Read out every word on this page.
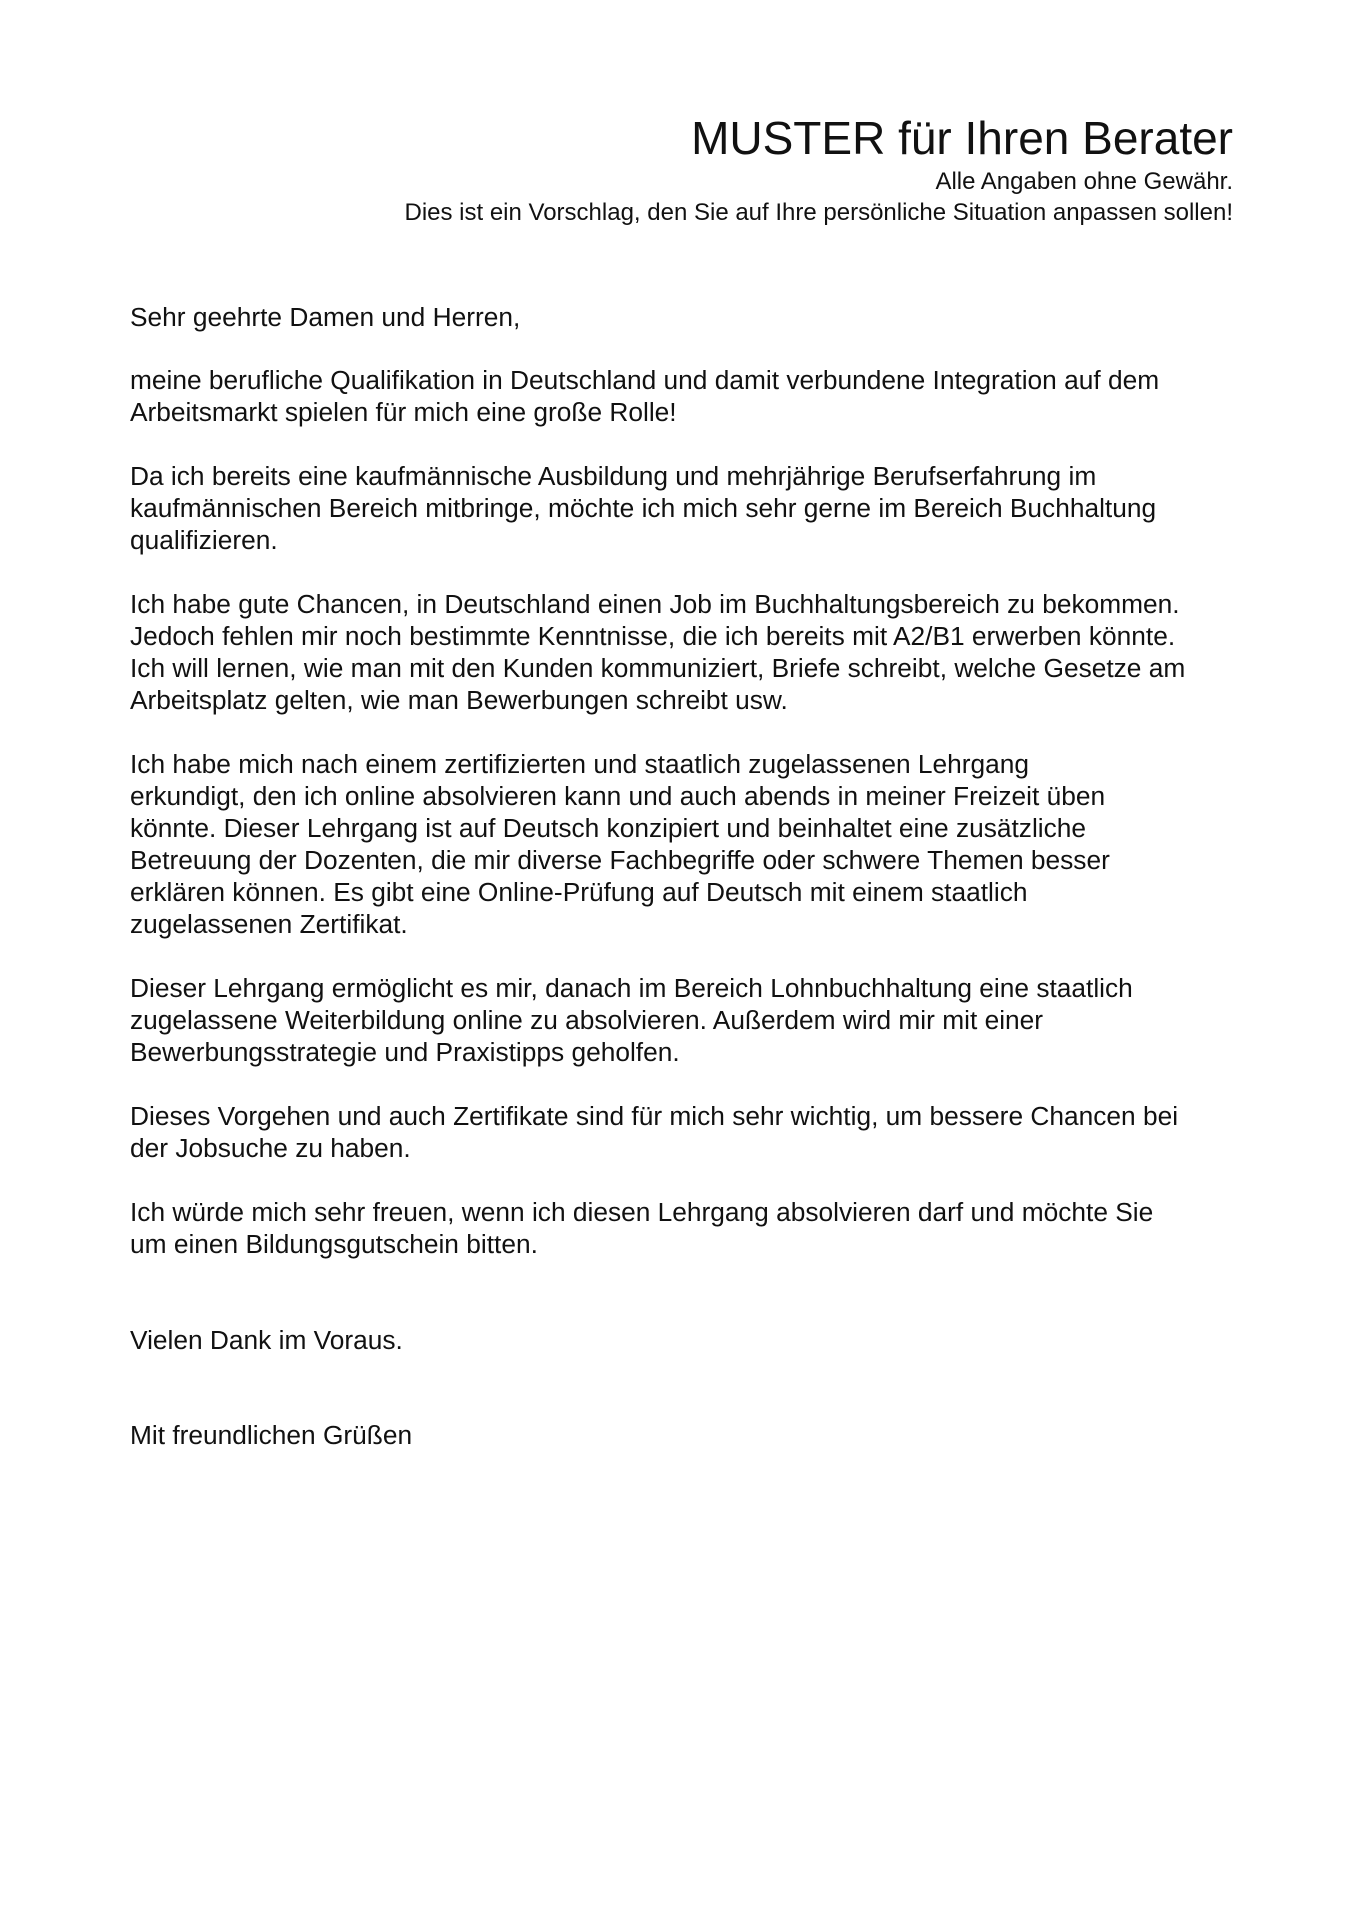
MUSTER für Ihren Berater

Alle Angaben ohne Gewähr.

Dies ist ein Vorschlag, den Sie auf Ihre persönliche Situation anpassen sollen!

Sehr geehrte Damen und Herren,

meine berufliche Qualifikation in Deutschland und damit verbundene Integration auf dem
Arbeitsmarkt spielen für mich eine große Rolle!

Da ich bereits eine kaufmännische Ausbildung und mehrjährige Berufserfahrung im
kaufmännischen Bereich mitbringe, möchte ich mich sehr gerne im Bereich Buchhaltung
qualifizieren.

Ich habe gute Chancen, in Deutschland einen Job im Buchhaltungsbereich zu bekommen.
Jedoch fehlen mir noch bestimmte Kenntnisse, die ich bereits mit A2/B1 erwerben könnte.
Ich will lernen, wie man mit den Kunden kommuniziert, Briefe schreibt, welche Gesetze am
Arbeitsplatz gelten, wie man Bewerbungen schreibt usw.

Ich habe mich nach einem zertifizierten und staatlich zugelassenen Lehrgang
erkundigt, den ich online absolvieren kann und auch abends in meiner Freizeit üben
könnte. Dieser Lehrgang ist auf Deutsch konzipiert und beinhaltet eine zusätzliche
Betreuung der Dozenten, die mir diverse Fachbegriffe oder schwere Themen besser
erklären können. Es gibt eine Online-Prüfung auf Deutsch mit einem staatlich
zugelassenen Zertifikat.

Dieser Lehrgang ermöglicht es mir, danach im Bereich Lohnbuchhaltung eine staatlich
zugelassene Weiterbildung online zu absolvieren. Außerdem wird mir mit einer
Bewerbungsstrategie und Praxistipps geholfen.

Dieses Vorgehen und auch Zertifikate sind für mich sehr wichtig, um bessere Chancen bei
der Jobsuche zu haben.

Ich würde mich sehr freuen, wenn ich diesen Lehrgang absolvieren darf und möchte Sie
um einen Bildungsgutschein bitten.

Vielen Dank im Voraus.

Mit freundlichen Grüßen
